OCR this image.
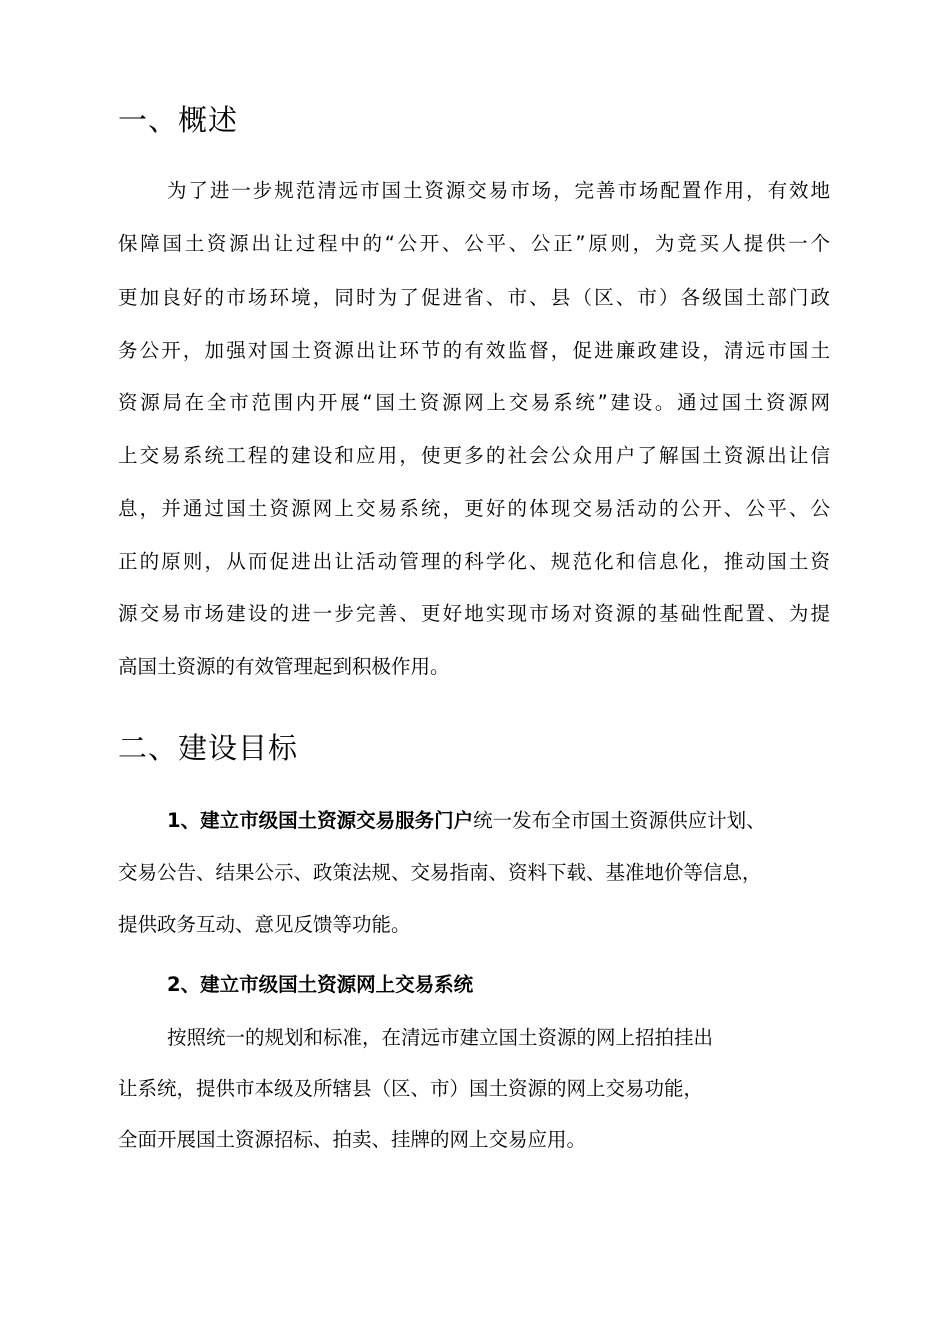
一、概述

为了进一步规范清远市国土资源交易市场，完善市场配置作用，有效地

保障国土资源出让过程中的“公开、公平、公正”原则，为竞买人提供一个

更加良好的市场环境，同时为了促进省、市、县（区、市）各级国土部门政

务公开，加强对国土资源出让环节的有效监督，促进廉政建设，清远市国土

资源局在全市范围内开展“国土资源网上交易系统”建设。通过国土资源网

上交易系统工程的建设和应用，使更多的社会公众用户了解国土资源出让信

息，并通过国土资源网上交易系统，更好的体现交易活动的公开、公平、公

正的原则，从而促进出让活动管理的科学化、规范化和信息化，推动国土资

源交易市场建设的进一步完善、更好地实现市场对资源的基础性配置、为提

高国土资源的有效管理起到积极作用。

二、建设目标

1、建立市级国土资源交易服务门户统一发布全市国土资源供应计划、

交易公告、结果公示、政策法规、交易指南、资料下载、基准地价等信息，

提供政务互动、意见反馈等功能。

2、建立市级国土资源网上交易系统

按照统一的规划和标准，在清远市建立国土资源的网上招拍挂出

让系统，提供市本级及所辖县（区、市）国土资源的网上交易功能，

全面开展国土资源招标、拍卖、挂牌的网上交易应用。
